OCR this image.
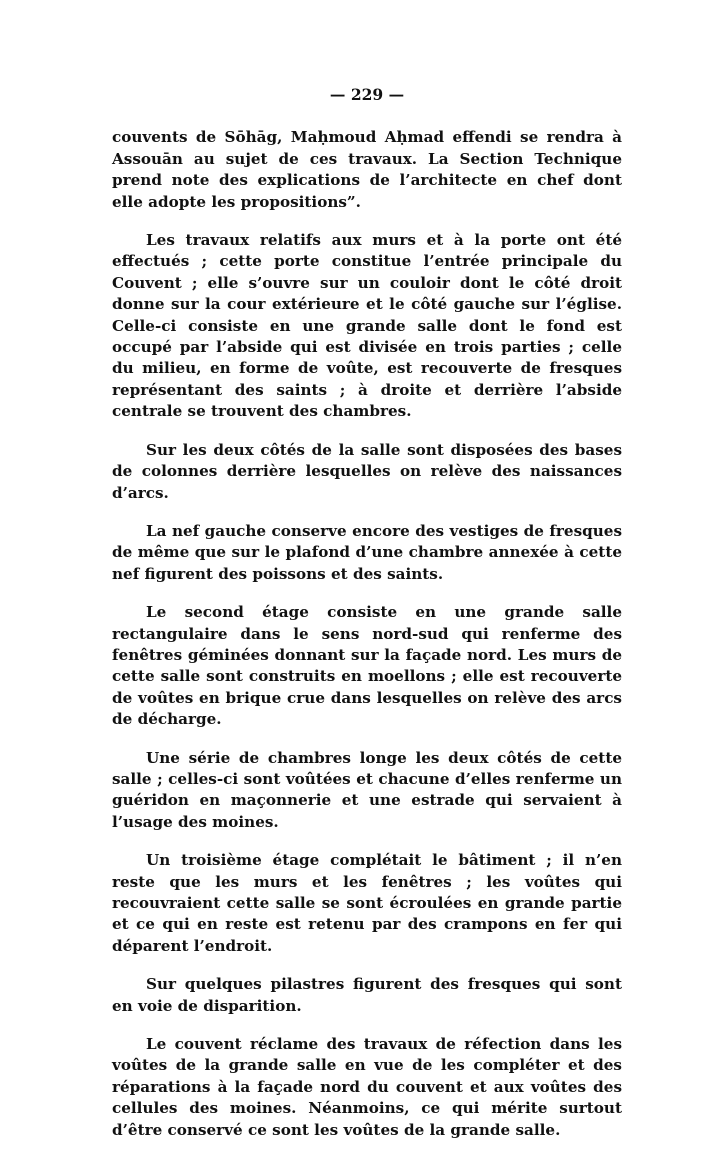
— 229 —

couvents de Sōhāg, Maḥmoud Aḥmad effendi se rendra à Assouān au sujet de ces travaux. La Section Technique prend note des explications de l’architecte en chef dont elle adopte les propositions”.

Les travaux relatifs aux murs et à la porte ont été effectués ; cette porte constitue l’entrée principale du Couvent ; elle s’ouvre sur un couloir dont le côté droit donne sur la cour extérieure et le côté gauche sur l’église. Celle-ci consiste en une grande salle dont le fond est occupé par l’abside qui est divisée en trois parties ; celle du milieu, en forme de voûte, est recouverte de fresques représentant des saints ; à droite et derrière l’abside centrale se trouvent des chambres.

Sur les deux côtés de la salle sont disposées des bases de colonnes derrière lesquelles on relève des naissances d’arcs.

La nef gauche conserve encore des vestiges de fresques de même que sur le plafond d’une chambre annexée à cette nef figurent des poissons et des saints.

Le second étage consiste en une grande salle rectangulaire dans le sens nord-sud qui renferme des fenêtres géminées donnant sur la façade nord. Les murs de cette salle sont construits en moellons ; elle est recouverte de voûtes en brique crue dans lesquelles on relève des arcs de décharge.

Une série de chambres longe les deux côtés de cette salle ; celles-ci sont voûtées et chacune d’elles renferme un guéridon en maçonnerie et une estrade qui servaient à l’usage des moines.

Un troisième étage complétait le bâtiment ; il n’en reste que les murs et les fenêtres ; les voûtes qui recouvraient cette salle se sont écroulées en grande partie et ce qui en reste est retenu par des crampons en fer qui déparent l’endroit.

Sur quelques pilastres figurent des fresques qui sont en voie de disparition.

Le couvent réclame des travaux de réfection dans les voûtes de la grande salle en vue de les compléter et des réparations à la façade nord du couvent et aux voûtes des cellules des moines. Néanmoins, ce qui mérite surtout d’être conservé ce sont les voûtes de la grande salle.
